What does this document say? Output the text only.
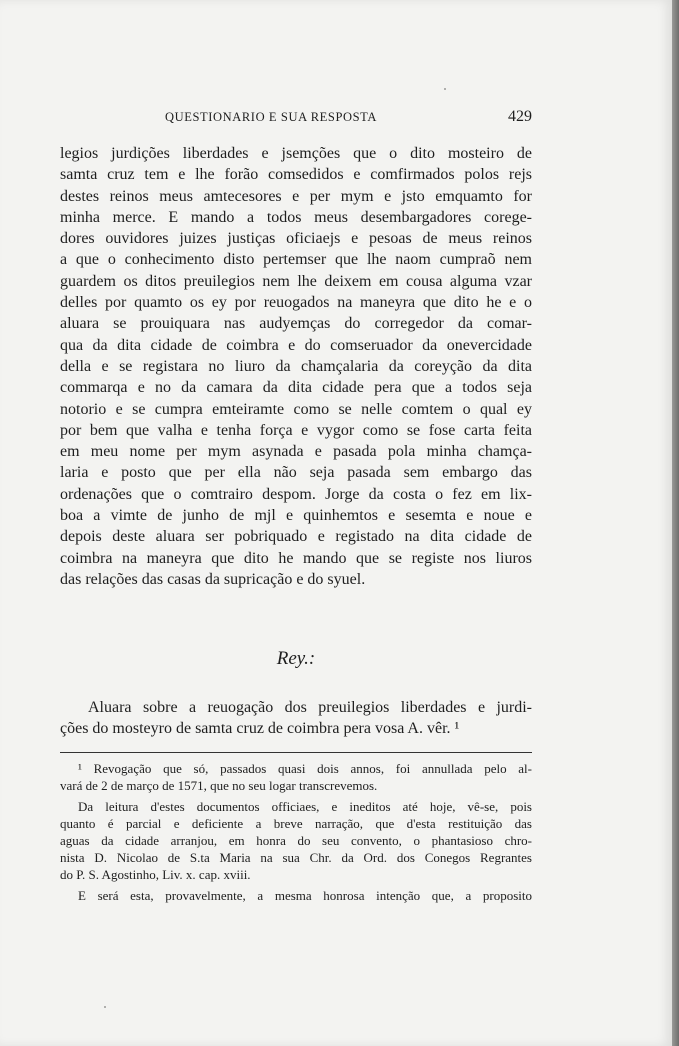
QUESTIONARIO E SUA RESPOSTA	429
legios jurdições liberdades e jsemções que o dito mosteiro de
samta cruz tem e lhe forão comsedidos e comfirmados polos rejs
destes reinos meus amtecesores e per mym e jsto emquamto for
minha merce. E mando a todos meus desembargadores corege-
dores ouvidores juizes justiças oficiaejs e pesoas de meus reinos
a que o conhecimento disto pertemser que lhe naom cumpraõ nem
guardem os ditos preuilegios nem lhe deixem em cousa alguma vzar
delles por quamto os ey por reuogados na maneyra que dito he e o
aluara se prouiquara nas audyemças do corregedor da comar-
qua da dita cidade de coimbra e do comseruador da onevercidade
della e se registara no liuro da chamçalaria da coreyção da dita
commarqa e no da camara da dita cidade pera que a todos seja
notorio e se cumpra emteiramte como se nelle comtem o qual ey
por bem que valha e tenha força e vygor como se fose carta feita
em meu nome per mym asynada e pasada pola minha chamça-
laria e posto que per ella não seja pasada sem embargo das
ordenações que o comtrairo despom. Jorge da costa o fez em lix-
boa a vimte de junho de mjl e quinhemtos e sesemta e noue e
depois deste aluara ser pobriquado e registado na dita cidade de
coimbra na maneyra que dito he mando que se registe nos liuros
das relações das casas da supricação e do syuel.
Rey.:
Aluara sobre a reuogação dos preuilegios liberdades e jurdi-
ções do mosteyro de samta cruz de coimbra pera vosa A. vêr. ¹
¹ Revogação que só, passados quasi dois annos, foi annullada pelo al-
vará de 2 de março de 1571, que no seu logar transcrevemos.
Da leitura d'estes documentos officiaes, e ineditos até hoje, vê-se, pois
quanto é parcial e deficiente a breve narração, que d'esta restituição das
aguas da cidade arranjou, em honra do seu convento, o phantasioso chro-
nista D. Nicolao de S.ta Maria na sua Chr. da Ord. dos Conegos Regrantes
do P. S. Agostinho, Liv. x. cap. xviii.
E será esta, provavelmente, a mesma honrosa intenção que, a proposito
